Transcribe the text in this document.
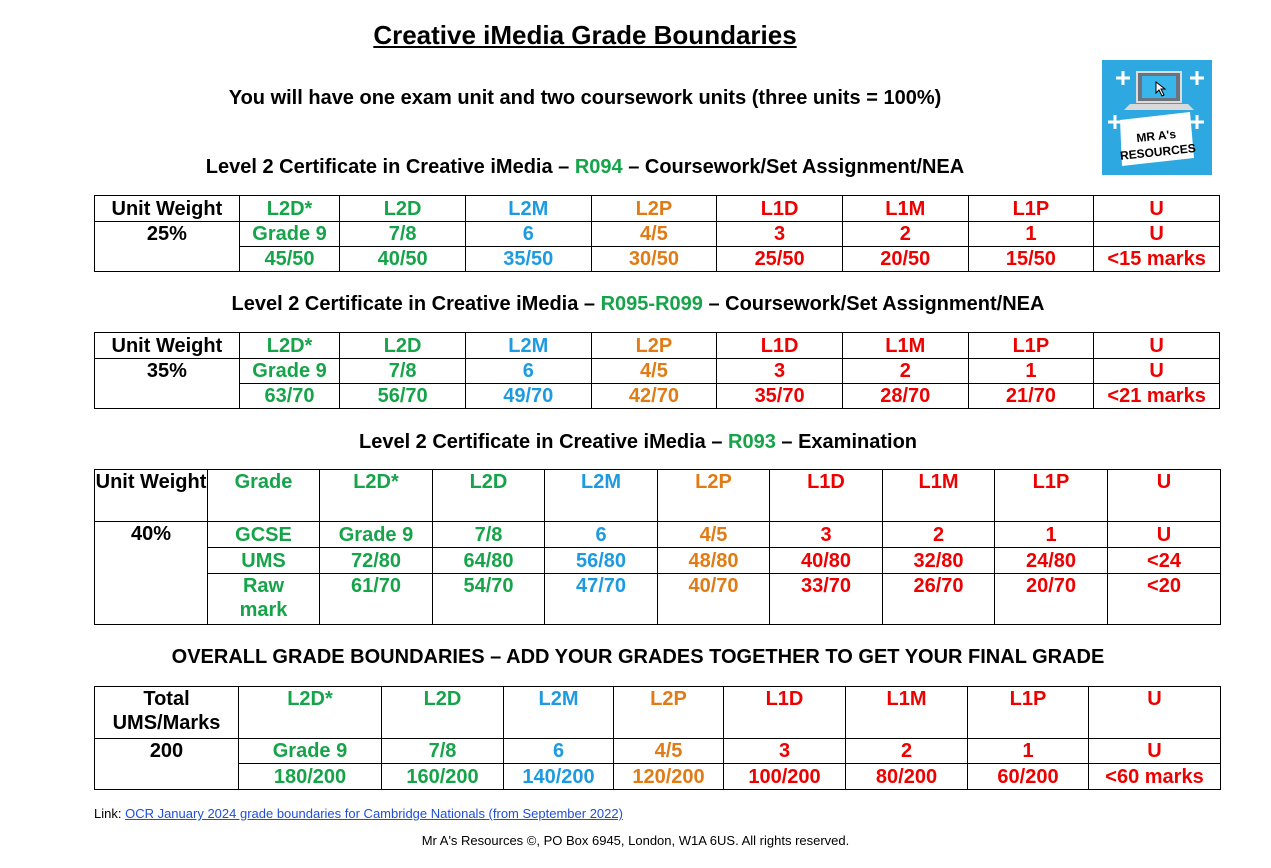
Creative iMedia Grade Boundaries
You will have one exam unit and two coursework units (three units = 100%)
MR A's RESOURCES
Level 2 Certificate in Creative iMedia – R094 – Coursework/Set Assignment/NEA
Unit Weight	L2D*	L2D	L2M	L2P	L1D	L1M	L1P	U
25%	Grade 9	7/8	6	4/5	3	2	1	U
	45/50	40/50	35/50	30/50	25/50	20/50	15/50	<15 marks
Level 2 Certificate in Creative iMedia – R095-R099 – Coursework/Set Assignment/NEA
Unit Weight	L2D*	L2D	L2M	L2P	L1D	L1M	L1P	U
35%	Grade 9	7/8	6	4/5	3	2	1	U
	63/70	56/70	49/70	42/70	35/70	28/70	21/70	<21 marks
Level 2 Certificate in Creative iMedia – R093 – Examination
Unit Weight	Grade	L2D*	L2D	L2M	L2P	L1D	L1M	L1P	U
40%	GCSE	Grade 9	7/8	6	4/5	3	2	1	U
	UMS	72/80	64/80	56/80	48/80	40/80	32/80	24/80	<24
	Raw mark	61/70	54/70	47/70	40/70	33/70	26/70	20/70	<20
OVERALL GRADE BOUNDARIES – ADD YOUR GRADES TOGETHER TO GET YOUR FINAL GRADE
Total UMS/Marks	L2D*	L2D	L2M	L2P	L1D	L1M	L1P	U
200	Grade 9	7/8	6	4/5	3	2	1	U
	180/200	160/200	140/200	120/200	100/200	80/200	60/200	<60 marks
Link: OCR January 2024 grade boundaries for Cambridge Nationals (from September 2022)
Mr A's Resources ©, PO Box 6945, London, W1A 6US. All rights reserved.
